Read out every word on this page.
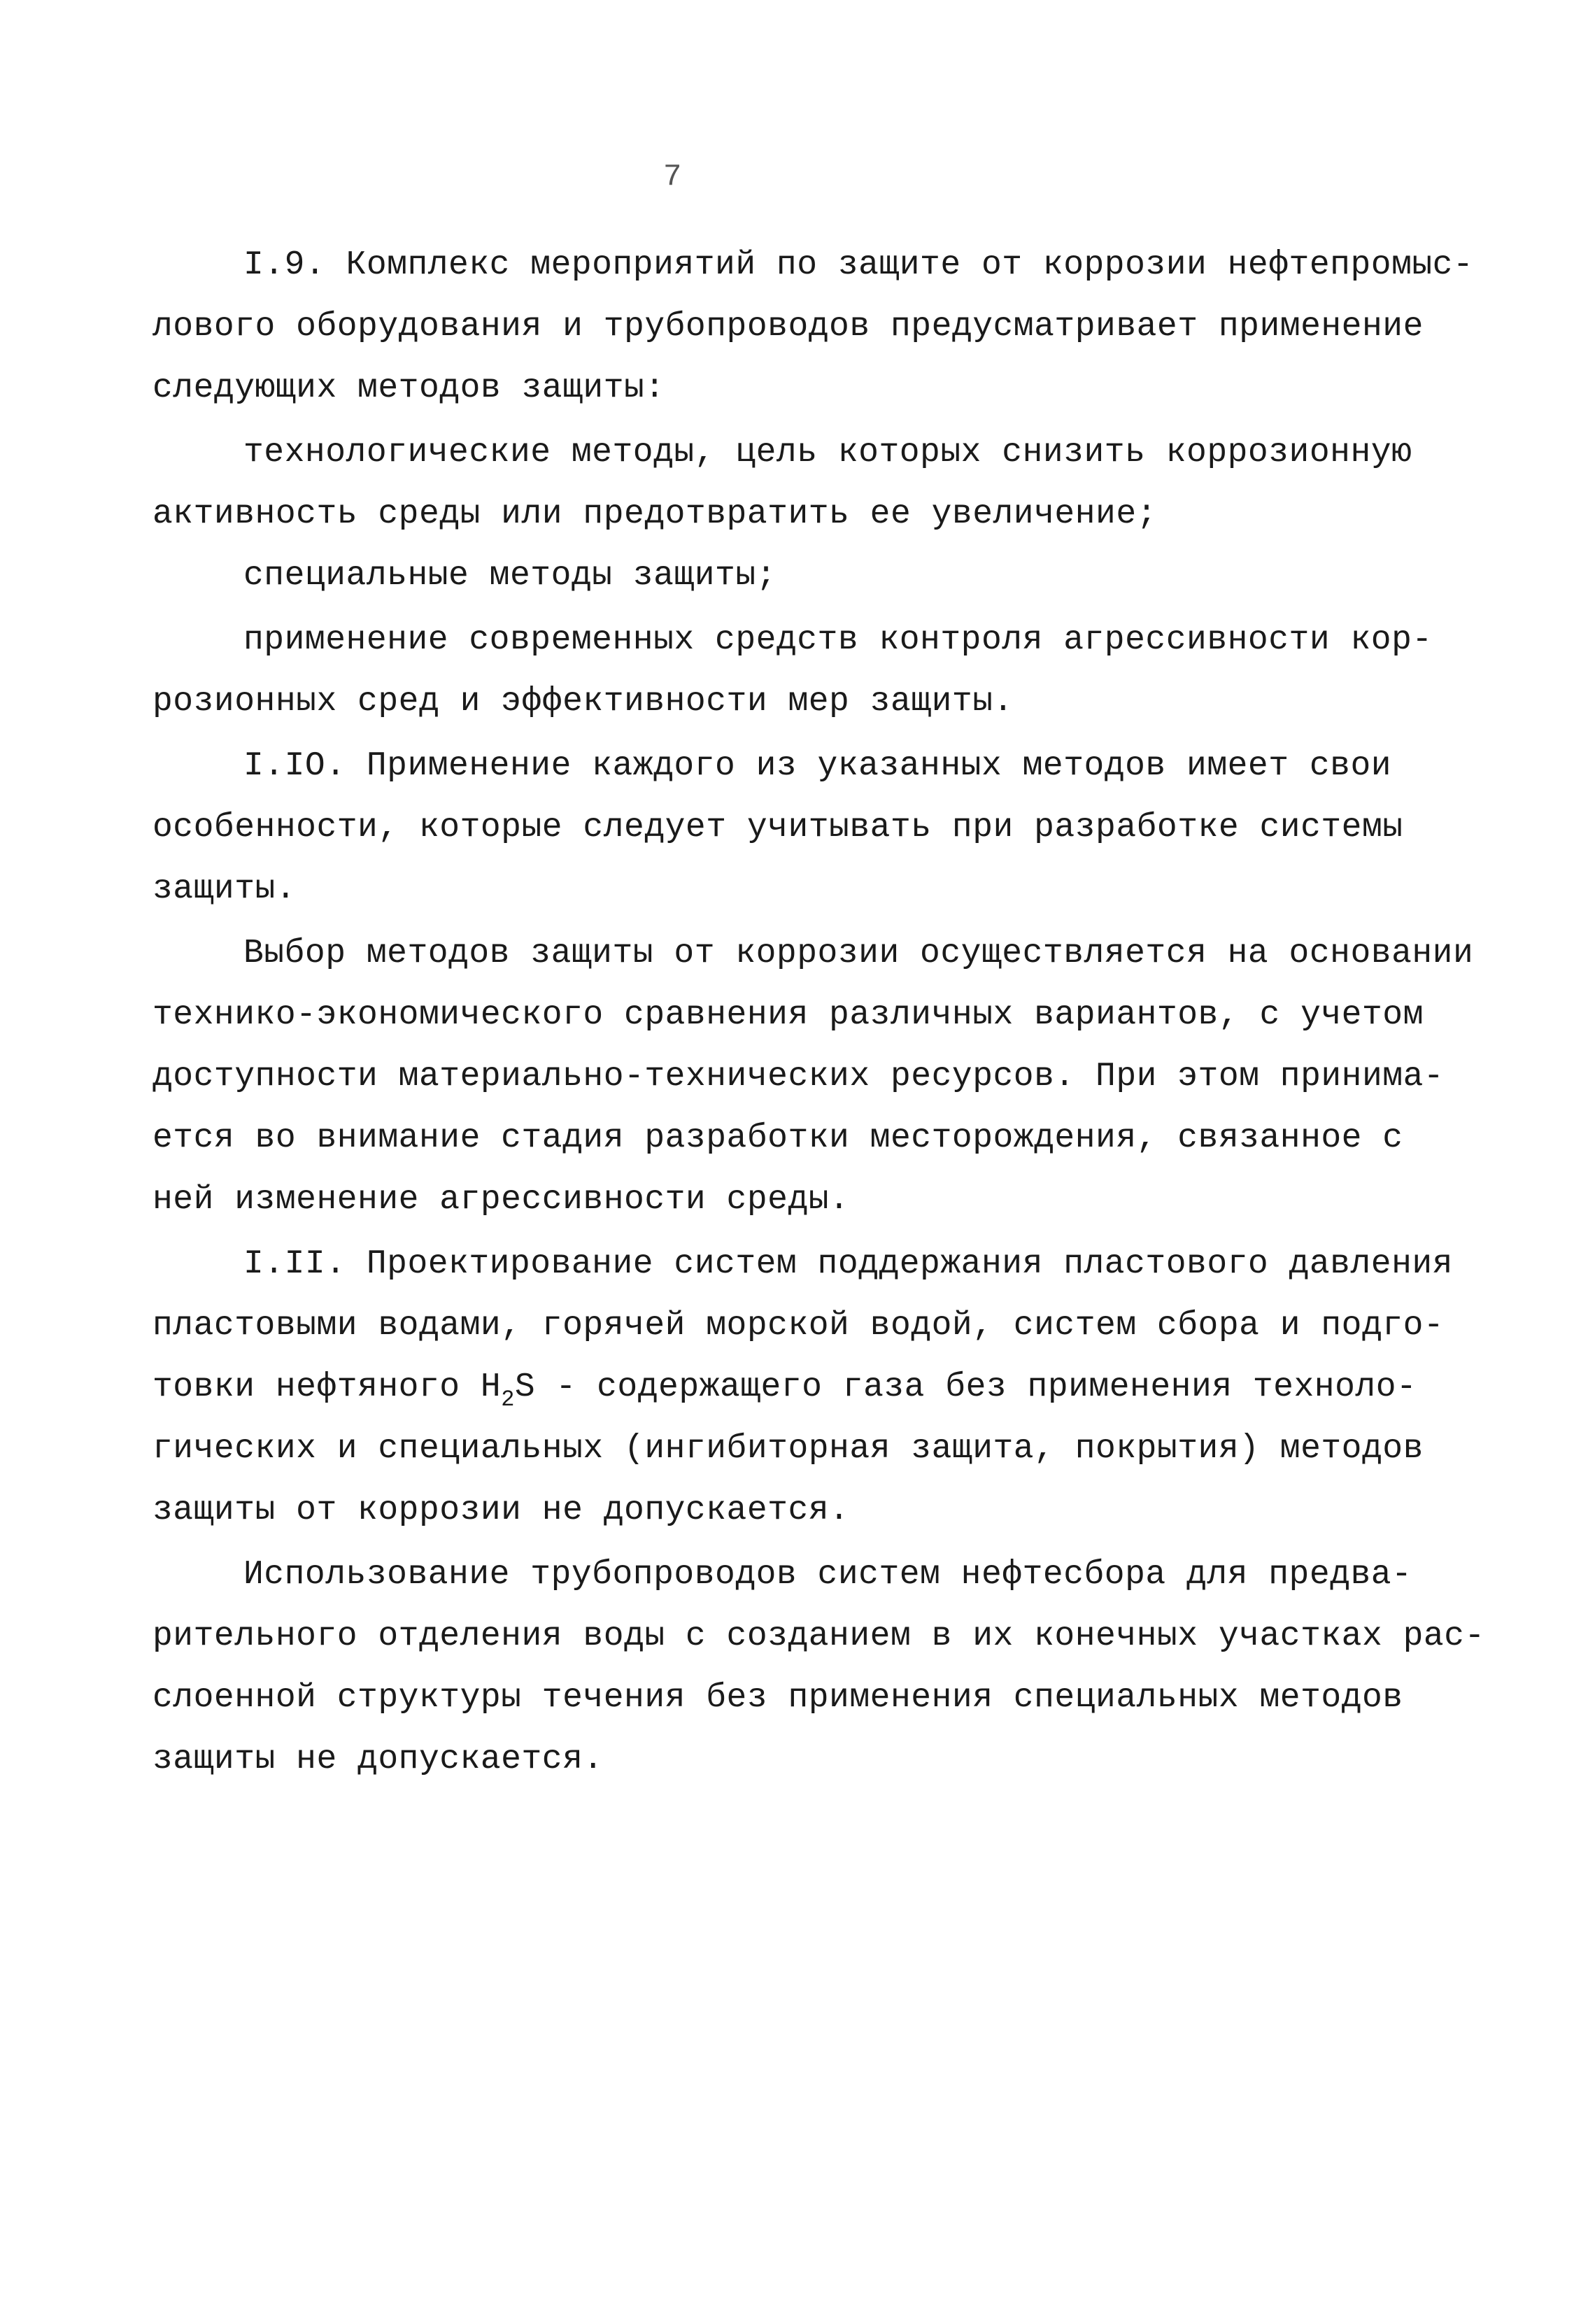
7
I.9. Комплекс мероприятий по защите от коррозии нефтепромыс-
лового оборудования и трубопроводов предусматривает применение
следующих методов защиты:
технологические методы, цель которых снизить коррозионную
активность среды или предотвратить ее увеличение;
специальные методы защиты;
применение современных средств контроля агрессивности кор-
розионных сред и эффективности мер защиты.
I.IO. Применение каждого из указанных методов имеет свои
особенности, которые следует учитывать при разработке системы
защиты.
Выбор методов защиты от коррозии осуществляется на основании
технико-экономического сравнения различных вариантов, с учетом
доступности материально-технических ресурсов. При этом принима-
ется во внимание стадия разработки месторождения, связанное с
ней изменение агрессивности среды.
I.II. Проектирование систем поддержания пластового давления
пластовыми водами, горячей морской водой, систем сбора и подго-
товки нефтяного $H_2S$ - содержащего газа без применения техноло-
гических и специальных (ингибиторная защита, покрытия) методов
защиты от коррозии не допускается.
Использование трубопроводов систем нефтесбора для предва-
рительного отделения воды с созданием в их конечных участках рас-
слоенной структуры течения без применения специальных методов
защиты не допускается.
